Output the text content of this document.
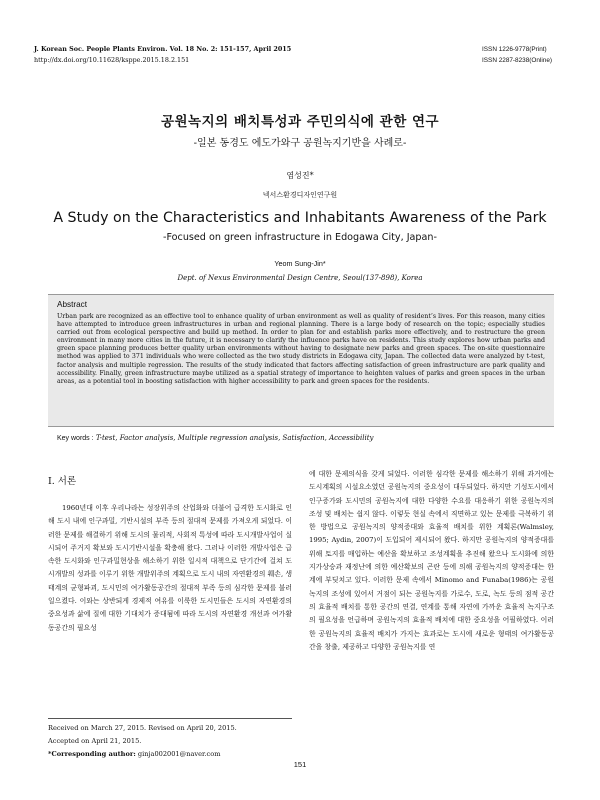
J. Korean Soc. People Plants Environ. Vol. 18 No. 2: 151-157, April 2015
http://dx.doi.org/10.11628/ksppe.2015.18.2.151
ISSN 1226-9778(Print)
ISSN 2287-8238(Online)
공원녹지의 배치특성과 주민의식에 관한 연구
-일본 동경도 에도가와구 공원녹지기반을 사례로-
염성진*
넥서스환경디자인연구원
A Study on the Characteristics and Inhabitants Awareness of the Park
-Focused on green infrastructure in Edogawa City, Japan-
Yeom Sung-Jin*
Dept. of Nexus Environmental Design Centre, Seoul(137-898), Korea
Abstract
Urban park are recognized as an effective tool to enhance quality of urban environment as well as quality of resident’s lives. For this reason, many cities have attempted to introduce green infrastructures in urban and regional planning. There is a large body of research on the topic; especially studies carried out from ecological perspective and build up method. In order to plan for and establish parks more effectively, and to restructure the green environment in many more cities in the future, it is necessary to clarify the influence parks have on residents. This study explores how urban parks and green space planning produces better quality urban environments without having to designate new parks and green spaces. The on-site questionnaire method was applied to 371 individuals who were collected as the two study districts in Edogawa city, Japan. The collected data were analyzed by t-test, factor analysis and multiple regression. The results of the study indicated that factors affecting satisfaction of green infrastructure are park quality and accessibility. Finally, green infrastructure maybe utilized as a spatial strategy of importance to heighten values of parks and green spaces in the urban areas, as a potential tool in boosting satisfaction with higher accessibility to park and green spaces for the residents.
Key words : T-test, Factor analysis, Multiple regression analysis, Satisfaction, Accessibility
Ⅰ. 서론

1960년대 이후 우리나라는 성장위주의 산업화와 더불어 급격한 도시화로 인해 도시 내에 인구과밀, 기반시설의 부족 등의 절대적 문제를 가져오게 되었다. 이러한 문제를 해결하기 위해 도시의 물리적, 사회적 특성에 따라 도시개발사업이 실시되어 주거지 확보와 도시기반시설을 확충해 왔다. 그러나 이러한 개발사업은 급속한 도시화와 인구과밀현상을 해소하기 위한 일시적 대책으로 단기간에 걸쳐 도시개발의 성과를 이루기 위한 개발위주의 계획으로 도시 내의 자연환경의 훼손, 생태계의 균형파괴, 도시민의 여가활동공간의 절대적 부족 등의 심각한 문제를 불러 일으켰다. 이와는 상반되게 경제적 여유를 이룩한 도시민들은 도시의 자연환경의 중요성과 삶에 질에 대한 기대치가 증대됨에 따라 도시의 자연환경 개선과 여가활동공간의 필요성

에 대한 문제의식을 갖게 되었다. 이러한 심각한 문제를 해소하기 위해 과거에는 도시계획의 시설요소였던 공원녹지의 중요성이 대두되었다. 하지만 기성도시에서 인구증가와 도시민의 공원녹지에 대한 다양한 수요를 대응하기 위한 공원녹지의 조성 및 배치는 쉽지 않다. 이렇듯 현실 속에서 직면하고 있는 문제를 극복하기 위한 방법으로 공원녹지의 양적증대와 효율적 배치를 위한 계획론(Walmsley, 1995; Aydin, 2007)이 도입되어 제시되어 왔다. 하지만 공원녹지의 양적증대를 위해 토지를 매입하는 예산을 확보하고 조성계획을 추진해 왔으나 도시화에 의한 지가상승과 재정난에 의한 예산확보의 곤란 등에 의해 공원녹지의 양적증대는 한계에 부딪치고 있다. 이러한 문제 속에서 Minomo and Funaba(1986)는 공원녹지의 조성에 있어서 거점이 되는 공원녹지를 가로수, 도로, 녹도 등의 점적 공간의 효율적 배치를 통한 공간의 연결, 연계를 통해 자연에 가까운 효율적 녹지구조의 필요성을 언급하며 공원녹지의 효율적 배치에 대한 중요성을 어필하였다. 이러한 공원녹지의 효율적 배치가 가지는 효과로는 도시에 새로운 형태의 여가활동공간을 창출, 제공하고 다양한 공원녹지를 연

Received on March 27, 2015. Revised on April 20, 2015.
Accepted on April 21, 2015.
*Corresponding author: ginja002001@naver.com
151
